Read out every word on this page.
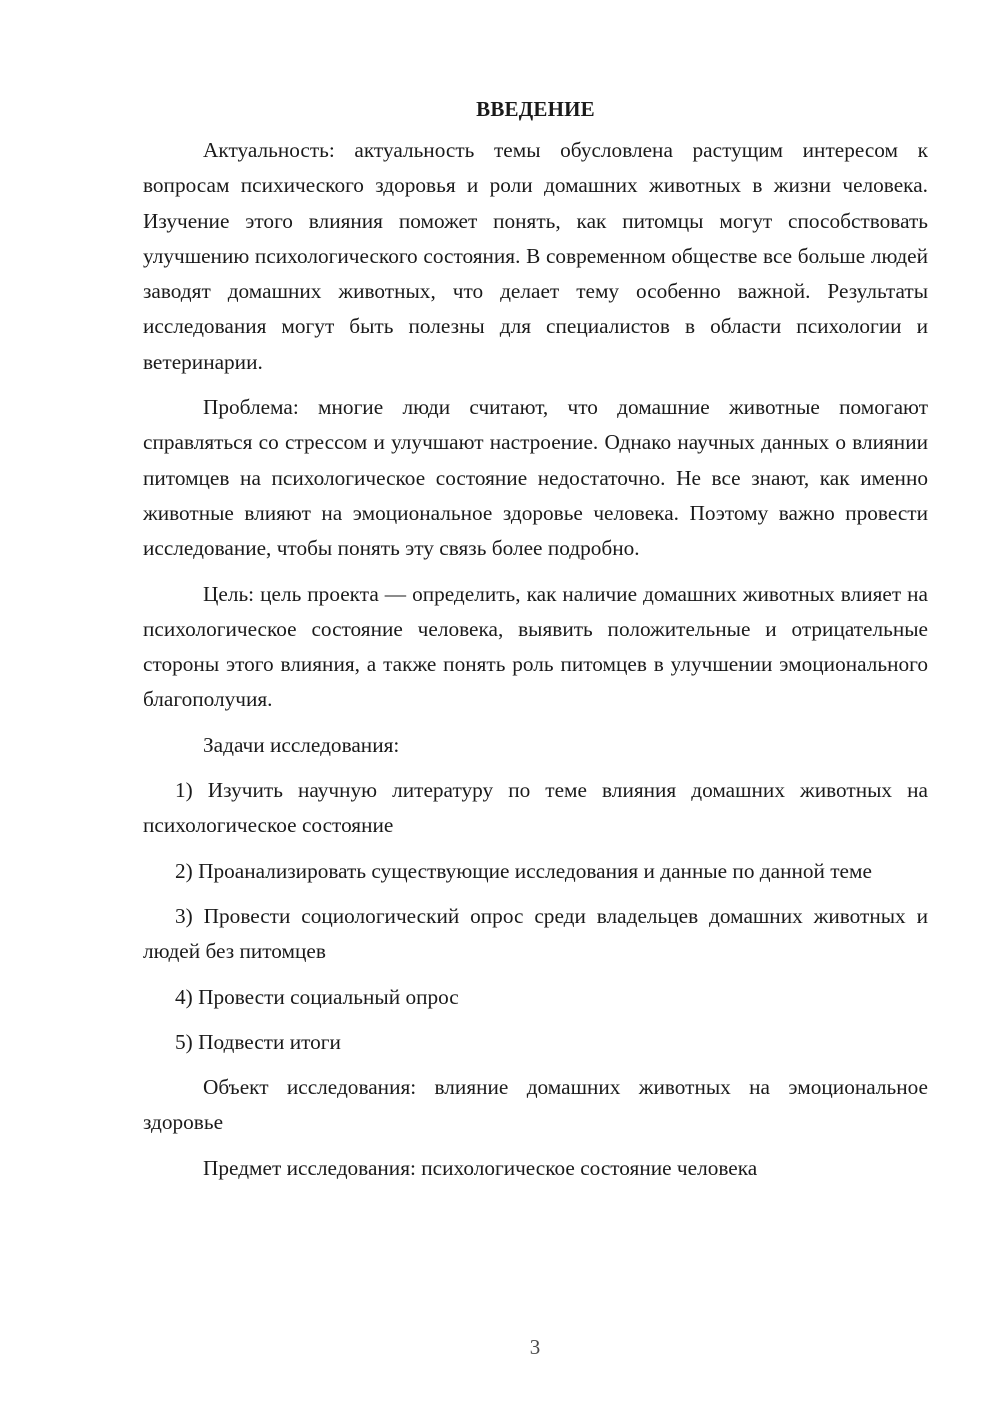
ВВЕДЕНИЕ

Актуальность: актуальность темы обусловлена растущим интересом к вопросам психического здоровья и роли домашних животных в жизни человека. Изучение этого влияния поможет понять, как питомцы могут способствовать улучшению психологического состояния. В современном обществе все больше людей заводят домашних животных, что делает тему особенно важной. Результаты исследования могут быть полезны для специалистов в области психологии и ветеринарии.

Проблема: многие люди считают, что домашние животные помогают справляться со стрессом и улучшают настроение. Однако научных данных о влиянии питомцев на психологическое состояние недостаточно. Не все знают, как именно животные влияют на эмоциональное здоровье человека. Поэтому важно провести исследование, чтобы понять эту связь более подробно.

Цель: цель проекта — определить, как наличие домашних животных влияет на психологическое состояние человека, выявить положительные и отрицательные стороны этого влияния, а также понять роль питомцев в улучшении эмоционального благополучия.

Задачи исследования:

1) Изучить научную литературу по теме влияния домашних животных на психологическое состояние

2) Проанализировать существующие исследования и данные по данной теме

3) Провести социологический опрос среди владельцев домашних животных и людей без питомцев

4) Провести социальный опрос

5) Подвести итоги

Объект исследования: влияние домашних животных на эмоциональное здоровье

Предмет исследования: психологическое состояние человека

3
